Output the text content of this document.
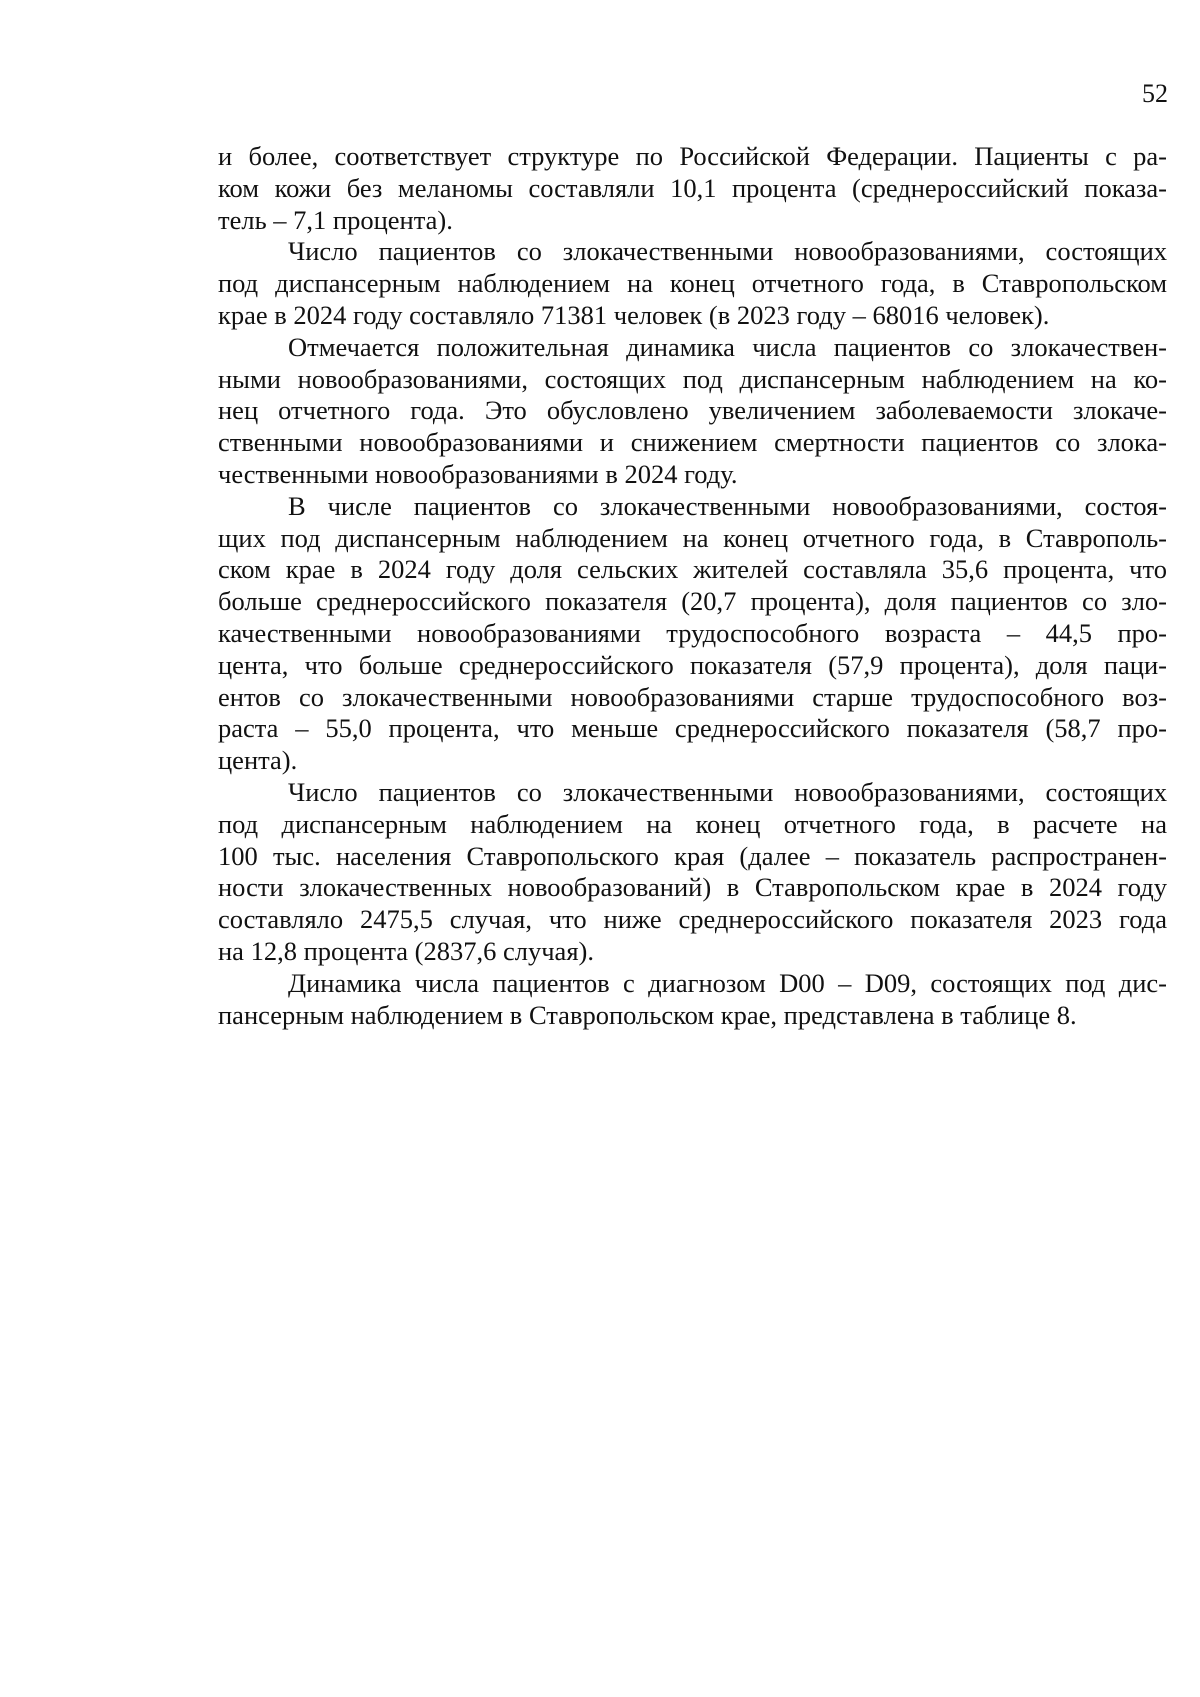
52
и более, соответствует структуре по Российской Федерации. Пациенты с ра-
ком кожи без меланомы составляли 10,1 процента (среднероссийский показа-
тель – 7,1 процента).
Число пациентов со злокачественными новообразованиями, состоящих
под диспансерным наблюдением на конец отчетного года, в Ставропольском
крае в 2024 году составляло 71381 человек (в 2023 году – 68016 человек).
Отмечается положительная динамика числа пациентов со злокачествен-
ными новообразованиями, состоящих под диспансерным наблюдением на ко-
нец отчетного года. Это обусловлено увеличением заболеваемости злокаче-
ственными новообразованиями и снижением смертности пациентов со злока-
чественными новообразованиями в 2024 году.
В числе пациентов со злокачественными новообразованиями, состоя-
щих под диспансерным наблюдением на конец отчетного года, в Ставрополь-
ском крае в 2024 году доля сельских жителей составляла 35,6 процента, что
больше среднероссийского показателя (20,7 процента), доля пациентов со зло-
качественными новообразованиями трудоспособного возраста – 44,5 про-
цента, что больше среднероссийского показателя (57,9 процента), доля паци-
ентов со злокачественными новообразованиями старше трудоспособного воз-
раста – 55,0 процента, что меньше среднероссийского показателя (58,7 про-
цента).
Число пациентов со злокачественными новообразованиями, состоящих
под диспансерным наблюдением на конец отчетного года, в расчете на
100 тыс. населения Ставропольского края (далее – показатель распространен-
ности злокачественных новообразований) в Ставропольском крае в 2024 году
составляло 2475,5 случая, что ниже среднероссийского показателя 2023 года
на 12,8 процента (2837,6 случая).
Динамика числа пациентов с диагнозом D00 – D09, состоящих под дис-
пансерным наблюдением в Ставропольском крае, представлена в таблице 8.
